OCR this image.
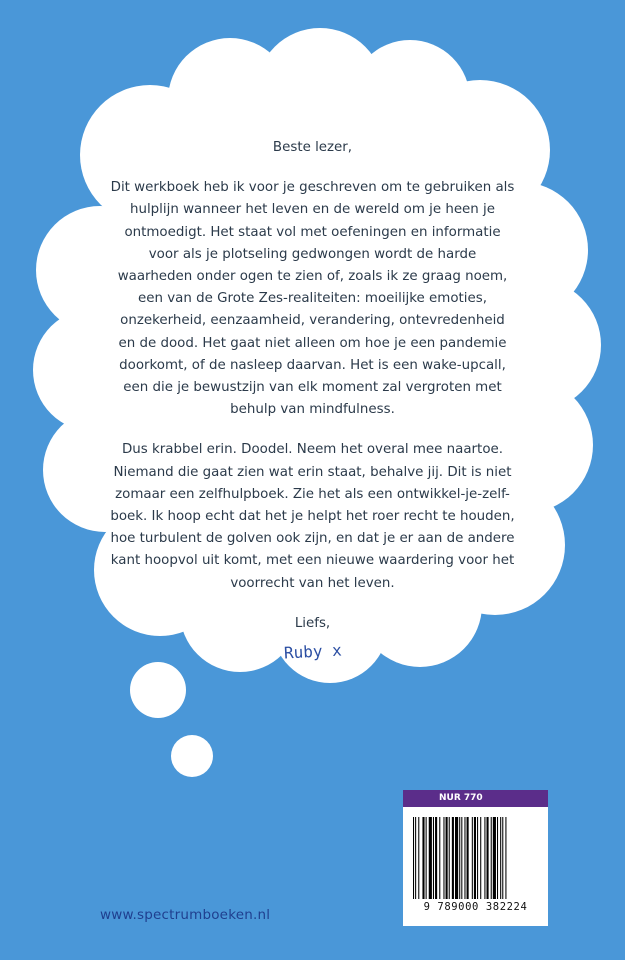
Beste lezer,

Dit werkboek heb ik voor je geschreven om te gebruiken als hulplijn wanneer het leven en de wereld om je heen je ontmoedigt. Het staat vol met oefeningen en informatie voor als je plotseling gedwongen wordt de harde waarheden onder ogen te zien of, zoals ik ze graag noem, een van de Grote Zes-realiteiten: moeilijke emoties, onzekerheid, eenzaamheid, verandering, ontevredenheid en de dood. Het gaat niet alleen om hoe je een pandemie doorkomt, of de nasleep daarvan. Het is een wake-upcall, een die je bewustzijn van elk moment zal vergroten met behulp van mindfulness.

Dus krabbel erin. Doodel. Neem het overal mee naartoe. Niemand die gaat zien wat erin staat, behalve jij. Dit is niet zomaar een zelfhulpboek. Zie het als een ontwikkel-je-zelf-boek. Ik hoop echt dat het je helpt het roer recht te houden, hoe turbulent de golven ook zijn, en dat je er aan de andere kant hoopvol uit komt, met een nieuwe waardering voor het voorrecht van het leven.

Liefs,

Ruby x
NUR 770
9 789000 382224
www.spectrumboeken.nl
